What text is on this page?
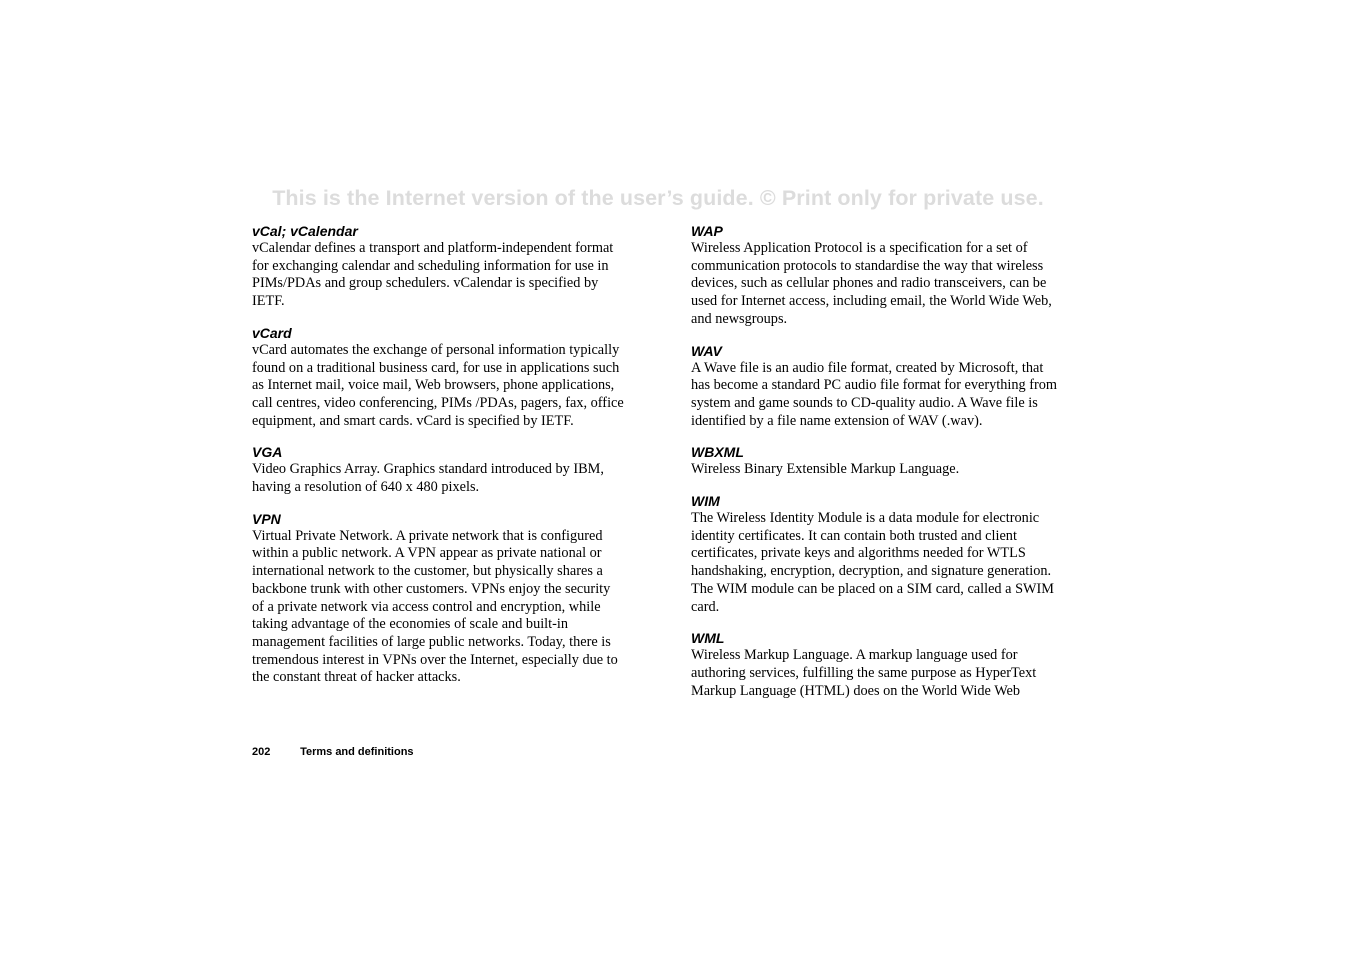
This is the Internet version of the user’s guide. © Print only for private use.
vCal; vCalendar

vCalendar defines a transport and platform-independent format for exchanging calendar and scheduling information for use in PIMs/PDAs and group schedulers. vCalendar is specified by IETF.

vCard

vCard automates the exchange of personal information typically found on a traditional business card, for use in applications such as Internet mail, voice mail, Web browsers, phone applications, call centres, video conferencing, PIMs /PDAs, pagers, fax, office equipment, and smart cards. vCard is specified by IETF.

VGA

Video Graphics Array. Graphics standard introduced by IBM, having a resolution of 640 x 480 pixels.

VPN

Virtual Private Network. A private network that is configured within a public network. A VPN appear as private national or international network to the customer, but physically shares a backbone trunk with other customers. VPNs enjoy the security of a private network via access control and encryption, while taking advantage of the economies of scale and built-in management facilities of large public networks. Today, there is tremendous interest in VPNs over the Internet, especially due to the constant threat of hacker attacks.

WAP

Wireless Application Protocol is a specification for a set of communication protocols to standardise the way that wireless devices, such as cellular phones and radio transceivers, can be used for Internet access, including email, the World Wide Web, and newsgroups.

WAV

A Wave file is an audio file format, created by Microsoft, that has become a standard PC audio file format for everything from system and game sounds to CD-quality audio. A Wave file is identified by a file name extension of WAV (.wav).

WBXML

Wireless Binary Extensible Markup Language.

WIM

The Wireless Identity Module is a data module for electronic identity certificates. It can contain both trusted and client certificates, private keys and algorithms needed for WTLS handshaking, encryption, decryption, and signature generation. The WIM module can be placed on a SIM card, called a SWIM card.

WML

Wireless Markup Language. A markup language used for authoring services, fulfilling the same purpose as HyperText Markup Language (HTML) does on the World Wide Web

202	Terms and definitions
